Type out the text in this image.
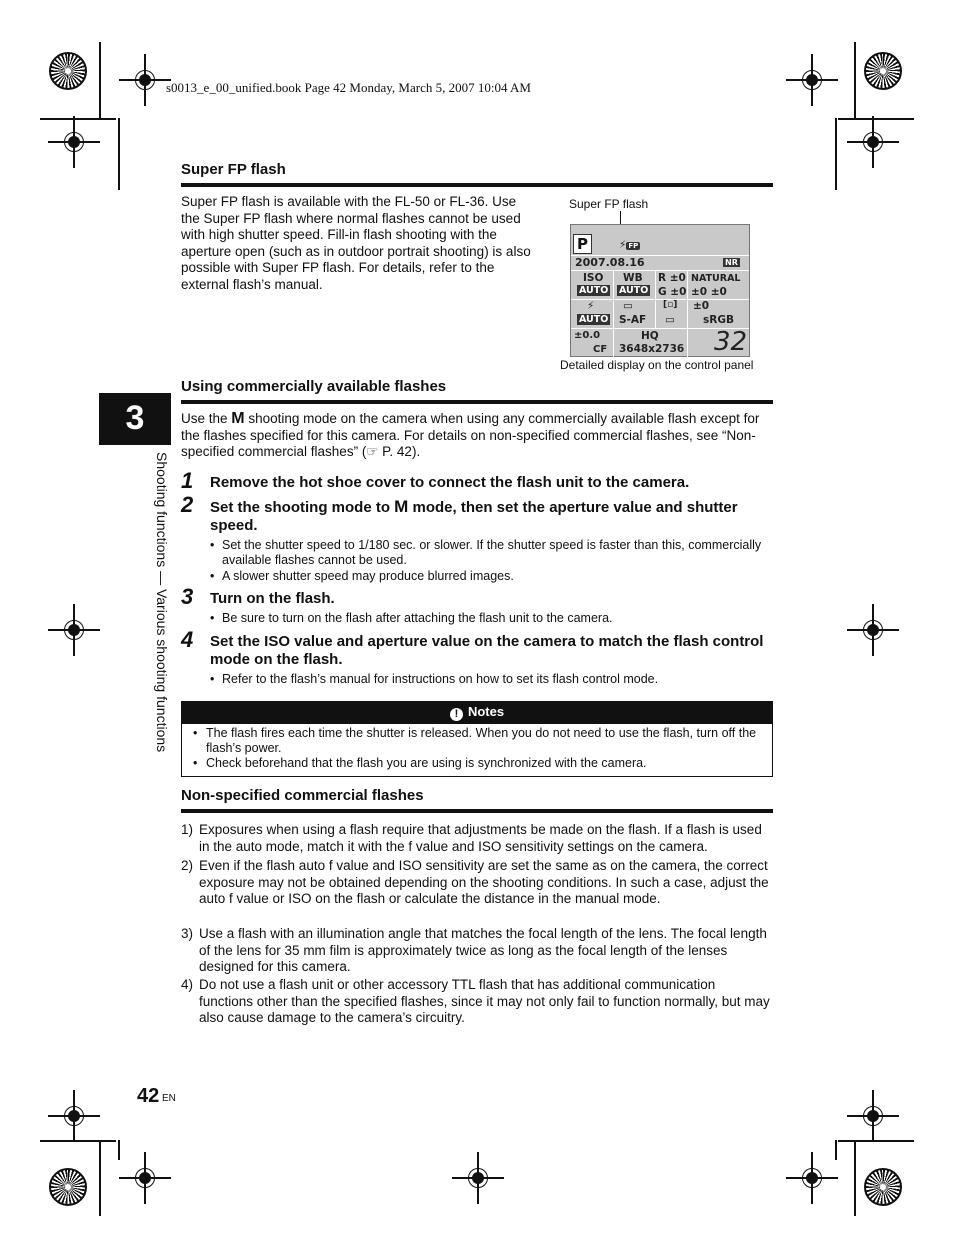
s0013_e_00_unified.book Page 42 Monday, March 5, 2007 10:04 AM
3
Shooting functions — Various shooting functions
Super FP flash
Super FP flash is available with the FL-50 or FL-36. Use the Super FP flash where normal flashes cannot be used with high shutter speed. Fill-in flash shooting with the aperture open (such as in outdoor portrait shooting) is also possible with Super FP flash. For details, refer to the external flash’s manual.
Super FP flash
P	⚡ FP
2007.08.16	NR
ISO
AUTO
WB
AUTO
R ±0
G ±0
NATURAL
±0 ±0
⚡
AUTO
▭
S-AF
[▫]
▭
±0
sRGB
±0.0
CF
HQ
3648x2736 32
Detailed display on the control panel
Using commercially available flashes
Use the M shooting mode on the camera when using any commercially available flash except for the flashes specified for this camera. For details on non-specified commercial flashes, see “Non-specified commercial flashes” (☞ P. 42).
1 Remove the hot shoe cover to connect the flash unit to the camera.
2 Set the shooting mode to M mode, then set the aperture value and shutter speed.
• Set the shutter speed to 1/180 sec. or slower. If the shutter speed is faster than this, commercially available flashes cannot be used.
• A slower shutter speed may produce blurred images.
3 Turn on the flash.
• Be sure to turn on the flash after attaching the flash unit to the camera.
4 Set the ISO value and aperture value on the camera to match the flash control mode on the flash.
• Refer to the flash’s manual for instructions on how to set its flash control mode.
! Notes
• The flash fires each time the shutter is released. When you do not need to use the flash, turn off the flash’s power.
• Check beforehand that the flash you are using is synchronized with the camera.
Non-specified commercial flashes
1) Exposures when using a flash require that adjustments be made on the flash. If a flash is used in the auto mode, match it with the f value and ISO sensitivity settings on the camera.
2) Even if the flash auto f value and ISO sensitivity are set the same as on the camera, the correct exposure may not be obtained depending on the shooting conditions. In such a case, adjust the auto f value or ISO on the flash or calculate the distance in the manual mode.
3) Use a flash with an illumination angle that matches the focal length of the lens. The focal length of the lens for 35 mm film is approximately twice as long as the focal length of the lenses designed for this camera.
4) Do not use a flash unit or other accessory TTL flash that has additional communication functions other than the specified flashes, since it may not only fail to function normally, but may also cause damage to the camera’s circuitry.
42 EN
